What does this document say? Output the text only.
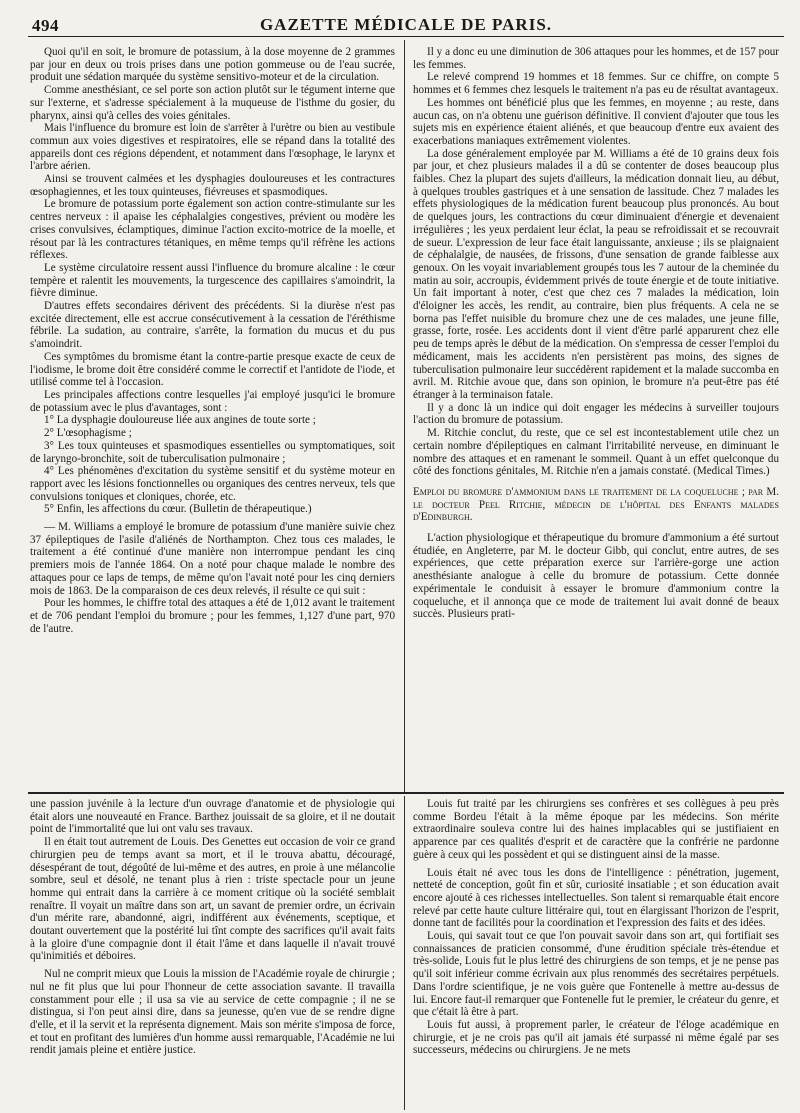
494	GAZETTE MÉDICALE DE PARIS.

Quoi qu'il en soit, le bromure de potassium, à la dose moyenne de 2 grammes par jour en deux ou trois prises dans une potion gommeuse ou de l'eau sucrée, produit une sédation marquée du système sensitivo-moteur et de la circulation.

Comme anesthésiant, ce sel porte son action plutôt sur le tégument interne que sur l'externe, et s'adresse spécialement à la muqueuse de l'isthme du gosier, du pharynx, ainsi qu'à celles des voies génitales.

Mais l'influence du bromure est loin de s'arrêter à l'urètre ou bien au vestibule commun aux voies digestives et respiratoires, elle se répand dans la totalité des appareils dont ces régions dépendent, et notamment dans l'œsophage, le larynx et l'arbre aérien.

Ainsi se trouvent calmées et les dysphagies douloureuses et les contractures œsophagiennes, et les toux quinteuses, fiévreuses et spasmodiques.

Le bromure de potassium porte également son action contre-stimulante sur les centres nerveux : il apaise les céphalalgies congestives, prévient ou modère les crises convulsives, éclamptiques, diminue l'action excito-motrice de la moelle, et résout par là les contractures tétaniques, en même temps qu'il réfrène les actions réflexes.

Le système circulatoire ressent aussi l'influence du bromure alcaline : le cœur tempère et ralentit les mouvements, la turgescence des capillaires s'amoindrit, la fièvre diminue.

D'autres effets secondaires dérivent des précédents. Si la diurèse n'est pas excitée directement, elle est accrue consécutivement à la cessation de l'éréthisme fébrile. La sudation, au contraire, s'arrête, la formation du mucus et du pus s'amoindrit.

Ces symptômes du bromisme étant la contre-partie presque exacte de ceux de l'iodisme, le brome doit être considéré comme le correctif et l'antidote de l'iode, et utilisé comme tel à l'occasion.

Les principales affections contre lesquelles j'ai employé jusqu'ici le bromure de potassium avec le plus d'avantages, sont :

1° La dysphagie douloureuse liée aux angines de toute sorte ;

2° L'œsophagisme ;

3° Les toux quinteuses et spasmodiques essentielles ou symptomatiques, soit de laryngo-bronchite, soit de tuberculisation pulmonaire ;

4° Les phénomènes d'excitation du système sensitif et du système moteur en rapport avec les lésions fonctionnelles ou organiques des centres nerveux, tels que convulsions toniques et cloniques, chorée, etc.

5° Enfin, les affections du cœur. (Bulletin de thérapeutique.)

— M. Williams a employé le bromure de potassium d'une manière suivie chez 37 épileptiques de l'asile d'aliénés de Northampton. Chez tous ces malades, le traitement a été continué d'une manière non interrompue pendant les cinq premiers mois de l'année 1864. On a noté pour chaque malade le nombre des attaques pour ce laps de temps, de même qu'on l'avait noté pour les cinq derniers mois de 1863. De la comparaison de ces deux relevés, il résulte ce qui suit :

Pour les hommes, le chiffre total des attaques a été de 1,012 avant le traitement et de 706 pendant l'emploi du bromure ; pour les femmes, 1,127 d'une part, 970 de l'autre.

Il y a donc eu une diminution de 306 attaques pour les hommes, et de 157 pour les femmes.

Le relevé comprend 19 hommes et 18 femmes. Sur ce chiffre, on compte 5 hommes et 6 femmes chez lesquels le traitement n'a pas eu de résultat avantageux.

Les hommes ont bénéficié plus que les femmes, en moyenne ; au reste, dans aucun cas, on n'a obtenu une guérison définitive. Il convient d'ajouter que tous les sujets mis en expérience étaient aliénés, et que beaucoup d'entre eux avaient des exacerbations maniaques extrêmement violentes.

La dose généralement employée par M. Williams a été de 10 grains deux fois par jour, et chez plusieurs malades il a dû se contenter de doses beaucoup plus faibles. Chez la plupart des sujets d'ailleurs, la médication donnait lieu, au début, à quelques troubles gastriques et à une sensation de lassitude. Chez 7 malades les effets physiologiques de la médication furent beaucoup plus prononcés. Au bout de quelques jours, les contractions du cœur diminuaient d'énergie et devenaient irrégulières ; les yeux perdaient leur éclat, la peau se refroidissait et se recouvrait de sueur. L'expression de leur face était languissante, anxieuse ; ils se plaignaient de céphalalgie, de nausées, de frissons, d'une sensation de grande faiblesse aux genoux. On les voyait invariablement groupés tous les 7 autour de la cheminée du matin au soir, accroupis, évidemment privés de toute énergie et de toute initiative. Un fait important à noter, c'est que chez ces 7 malades la médication, loin d'éloigner les accès, les rendit, au contraire, bien plus fréquents. A cela ne se borna pas l'effet nuisible du bromure chez une de ces malades, une jeune fille, grasse, forte, rosée. Les accidents dont il vient d'être parlé apparurent chez elle peu de temps après le début de la médication. On s'empressa de cesser l'emploi du médicament, mais les accidents n'en persistèrent pas moins, des signes de tuberculisation pulmonaire leur succédèrent rapidement et la malade succomba en avril. M. Ritchie avoue que, dans son opinion, le bromure n'a peut-être pas été étranger à la terminaison fatale.

Il y a donc là un indice qui doit engager les médecins à surveiller toujours l'action du bromure de potassium.

M. Ritchie conclut, du reste, que ce sel est incontestablement utile chez un certain nombre d'épileptiques en calmant l'irritabilité nerveuse, en diminuant le nombre des attaques et en ramenant le sommeil. Quant à un effet quelconque du côté des fonctions génitales, M. Ritchie n'en a jamais constaté. (Medical Times.)

Emploi du bromure d'ammonium dans le traitement de la coqueluche ; par M. le docteur Peel Ritchie, médecin de l'hôpital des Enfants malades d'Edinburgh.

L'action physiologique et thérapeutique du bromure d'ammonium a été surtout étudiée, en Angleterre, par M. le docteur Gibb, qui conclut, entre autres, de ses expériences, que cette préparation exerce sur l'arrière-gorge une action anesthésiante analogue à celle du bromure de potassium. Cette donnée expérimentale le conduisit à essayer le bromure d'ammonium contre la coqueluche, et il annonça que ce mode de traitement lui avait donné de beaux succès. Plusieurs prati-

une passion juvénile à la lecture d'un ouvrage d'anatomie et de physiologie qui était alors une nouveauté en France. Barthez jouissait de sa gloire, et il ne doutait point de l'immortalité que lui ont valu ses travaux.

Il en était tout autrement de Louis. Des Genettes eut occasion de voir ce grand chirurgien peu de temps avant sa mort, et il le trouva abattu, découragé, désespérant de tout, dégoûté de lui-même et des autres, en proie à une mélancolie sombre, seul et désolé, ne tenant plus à rien : triste spectacle pour un jeune homme qui entrait dans la carrière à ce moment critique où la société semblait renaître. Il voyait un maître dans son art, un savant de premier ordre, un écrivain d'un mérite rare, abandonné, aigri, indifférent aux événements, sceptique, et doutant ouvertement que la postérité lui tînt compte des sacrifices qu'il avait faits à la gloire d'une compagnie dont il était l'âme et dans laquelle il n'avait trouvé qu'inimitiés et déboires.

Nul ne comprit mieux que Louis la mission de l'Académie royale de chirurgie ; nul ne fit plus que lui pour l'honneur de cette association savante. Il travailla constamment pour elle ; il usa sa vie au service de cette compagnie ; il ne se distingua, si l'on peut ainsi dire, dans sa jeunesse, qu'en vue de se rendre digne d'elle, et il la servit et la représenta dignement. Mais son mérite s'imposa de force, et tout en profitant des lumières d'un homme aussi remarquable, l'Académie ne lui rendit jamais pleine et entière justice.

Louis fut traité par les chirurgiens ses confrères et ses collègues à peu près comme Bordeu l'était à la même époque par les médecins. Son mérite extraordinaire souleva contre lui des haines implacables qui se justifiaient en apparence par ces qualités d'esprit et de caractère que la confrérie ne pardonne guère à ceux qui les possèdent et qui se distinguent ainsi de la masse.

Louis était né avec tous les dons de l'intelligence : pénétration, jugement, netteté de conception, goût fin et sûr, curiosité insatiable ; et son éducation avait encore ajouté à ces richesses intellectuelles. Son talent si remarquable était encore relevé par cette haute culture littéraire qui, tout en élargissant l'horizon de l'esprit, donne tant de facilités pour la coordination et l'expression des faits et des idées.

Louis, qui savait tout ce que l'on pouvait savoir dans son art, qui fortifiait ses connaissances de praticien consommé, d'une érudition spéciale très-étendue et très-solide, Louis fut le plus lettré des chirurgiens de son temps, et je ne pense pas qu'il soit inférieur comme écrivain aux plus renommés des secrétaires perpétuels. Dans l'ordre scientifique, je ne vois guère que Fontenelle à mettre au-dessus de lui. Encore faut-il remarquer que Fontenelle fut le premier, le créateur du genre, et que c'était là être à part.

Louis fut aussi, à proprement parler, le créateur de l'éloge académique en chirurgie, et je ne crois pas qu'il ait jamais été surpassé ni même égalé par ses successeurs, médecins ou chirurgiens. Je ne mets
